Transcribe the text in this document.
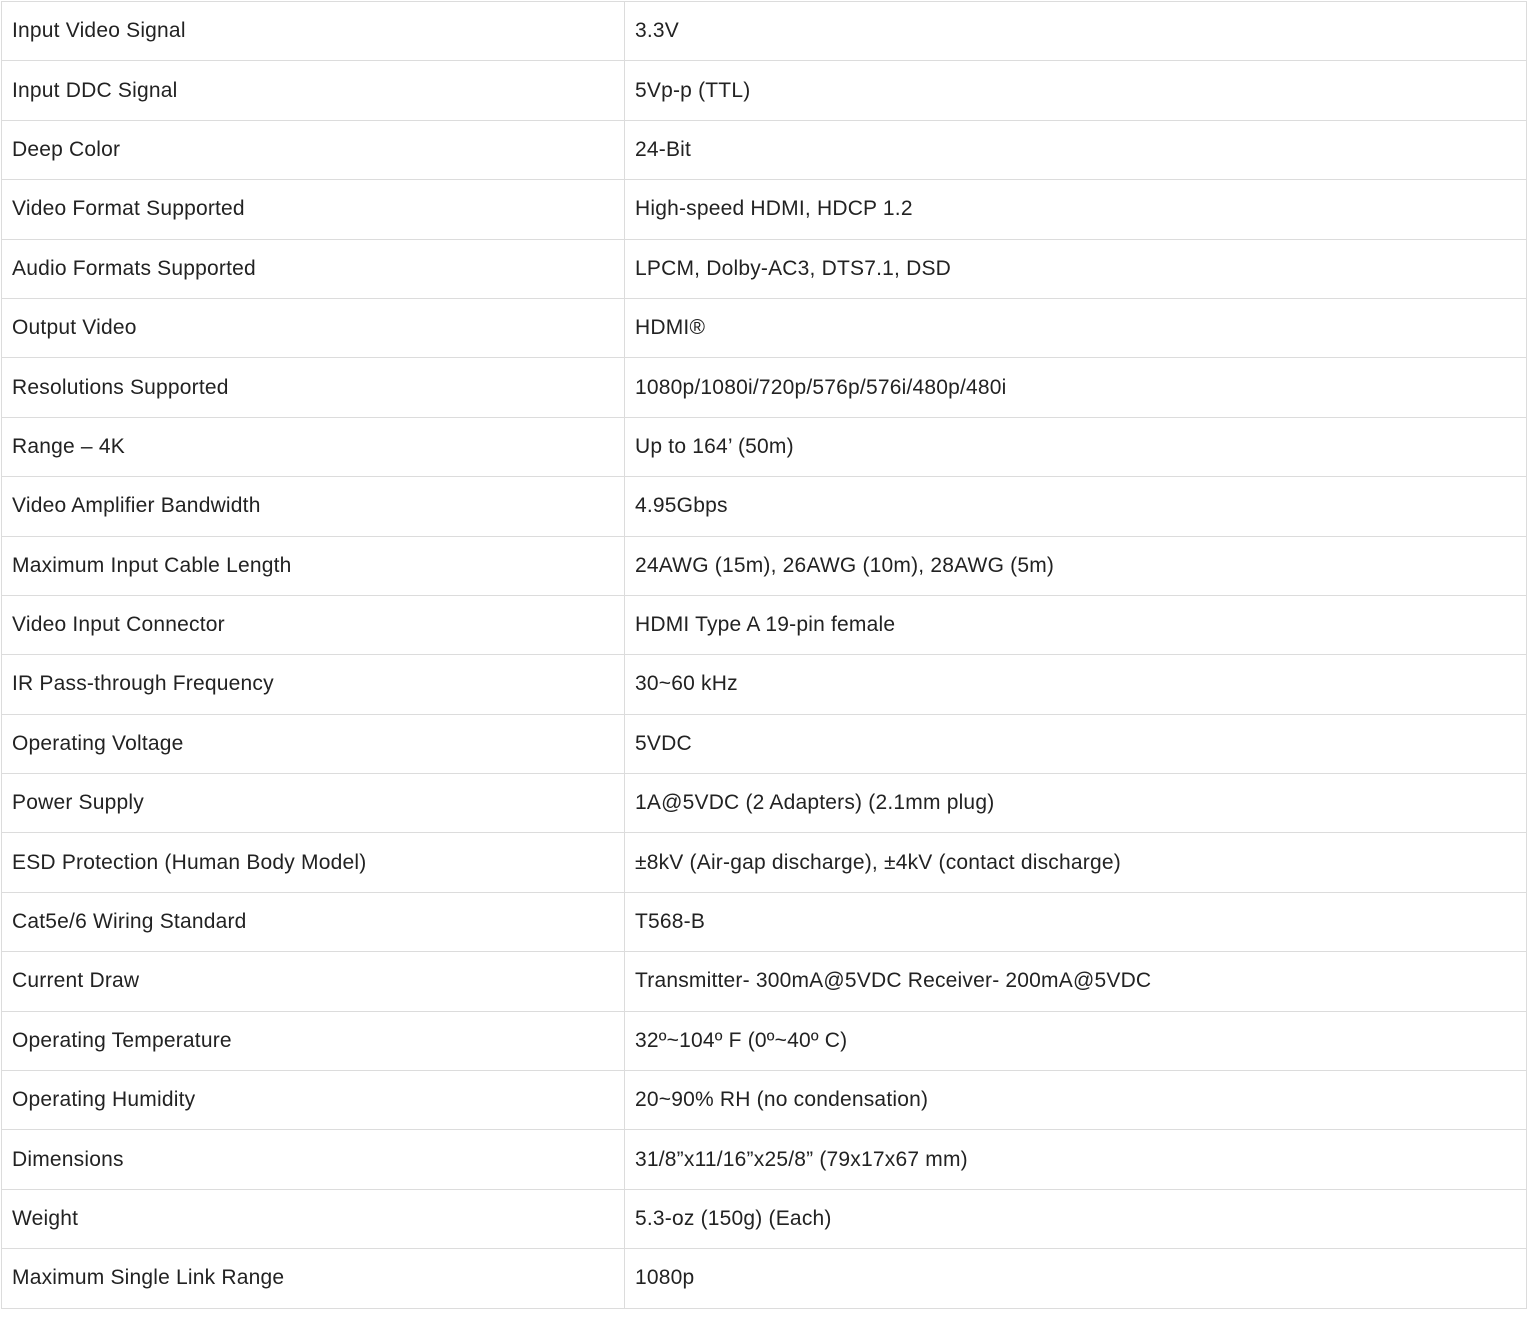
Input Video Signal	3.3V
Input DDC Signal	5Vp-p (TTL)
Deep Color	24-Bit
Video Format Supported	High-speed HDMI, HDCP 1.2
Audio Formats Supported	LPCM, Dolby-AC3, DTS7.1, DSD
Output Video	HDMI®
Resolutions Supported	1080p/1080i/720p/576p/576i/480p/480i
Range – 4K	Up to 164’ (50m)
Video Amplifier Bandwidth	4.95Gbps
Maximum Input Cable Length	24AWG (15m), 26AWG (10m), 28AWG (5m)
Video Input Connector	HDMI Type A 19-pin female
IR Pass-through Frequency	30~60 kHz
Operating Voltage	5VDC
Power Supply	1A@5VDC (2 Adapters) (2.1mm plug)
ESD Protection (Human Body Model)	±8kV (Air-gap discharge), ±4kV (contact discharge)
Cat5e/6 Wiring Standard	T568-B
Current Draw	Transmitter- 300mA@5VDC Receiver- 200mA@5VDC
Operating Temperature	32º~104º F (0º~40º C)
Operating Humidity	20~90% RH (no condensation)
Dimensions	31/8”x11/16”x25/8” (79x17x67 mm)
Weight	5.3-oz (150g) (Each)
Maximum Single Link Range	1080p
